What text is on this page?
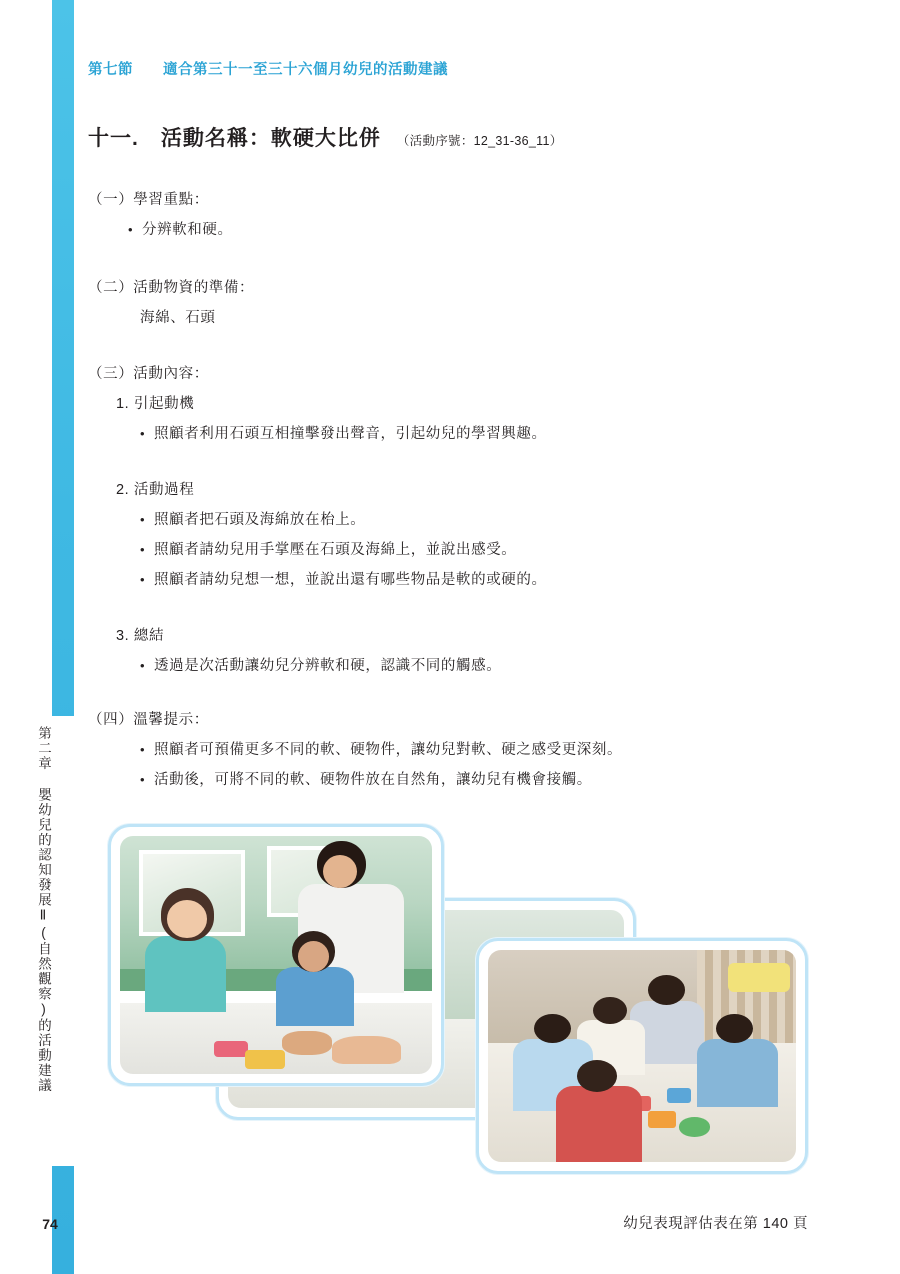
第二章 嬰幼兒的認知發展Ⅱ(自然觀察)的活動建議
74
第七節 適合第三十一至三十六個月幼兒的活動建議
十一. 活動名稱：軟硬大比併 （活動序號：12_31-36_11）
（一）學習重點：
• 分辨軟和硬。
（二）活動物資的準備：
海綿、石頭
（三）活動內容：
1. 引起動機
• 照顧者利用石頭互相撞擊發出聲音，引起幼兒的學習興趣。
2. 活動過程
• 照顧者把石頭及海綿放在枱上。
• 照顧者請幼兒用手掌壓在石頭及海綿上，並說出感受。
• 照顧者請幼兒想一想，並說出還有哪些物品是軟的或硬的。
3. 總結
• 透過是次活動讓幼兒分辨軟和硬，認識不同的觸感。
（四）溫馨提示：
• 照顧者可預備更多不同的軟、硬物件，讓幼兒對軟、硬之感受更深刻。
• 活動後，可將不同的軟、硬物件放在自然角，讓幼兒有機會接觸。
幼兒表現評估表在第 140 頁
